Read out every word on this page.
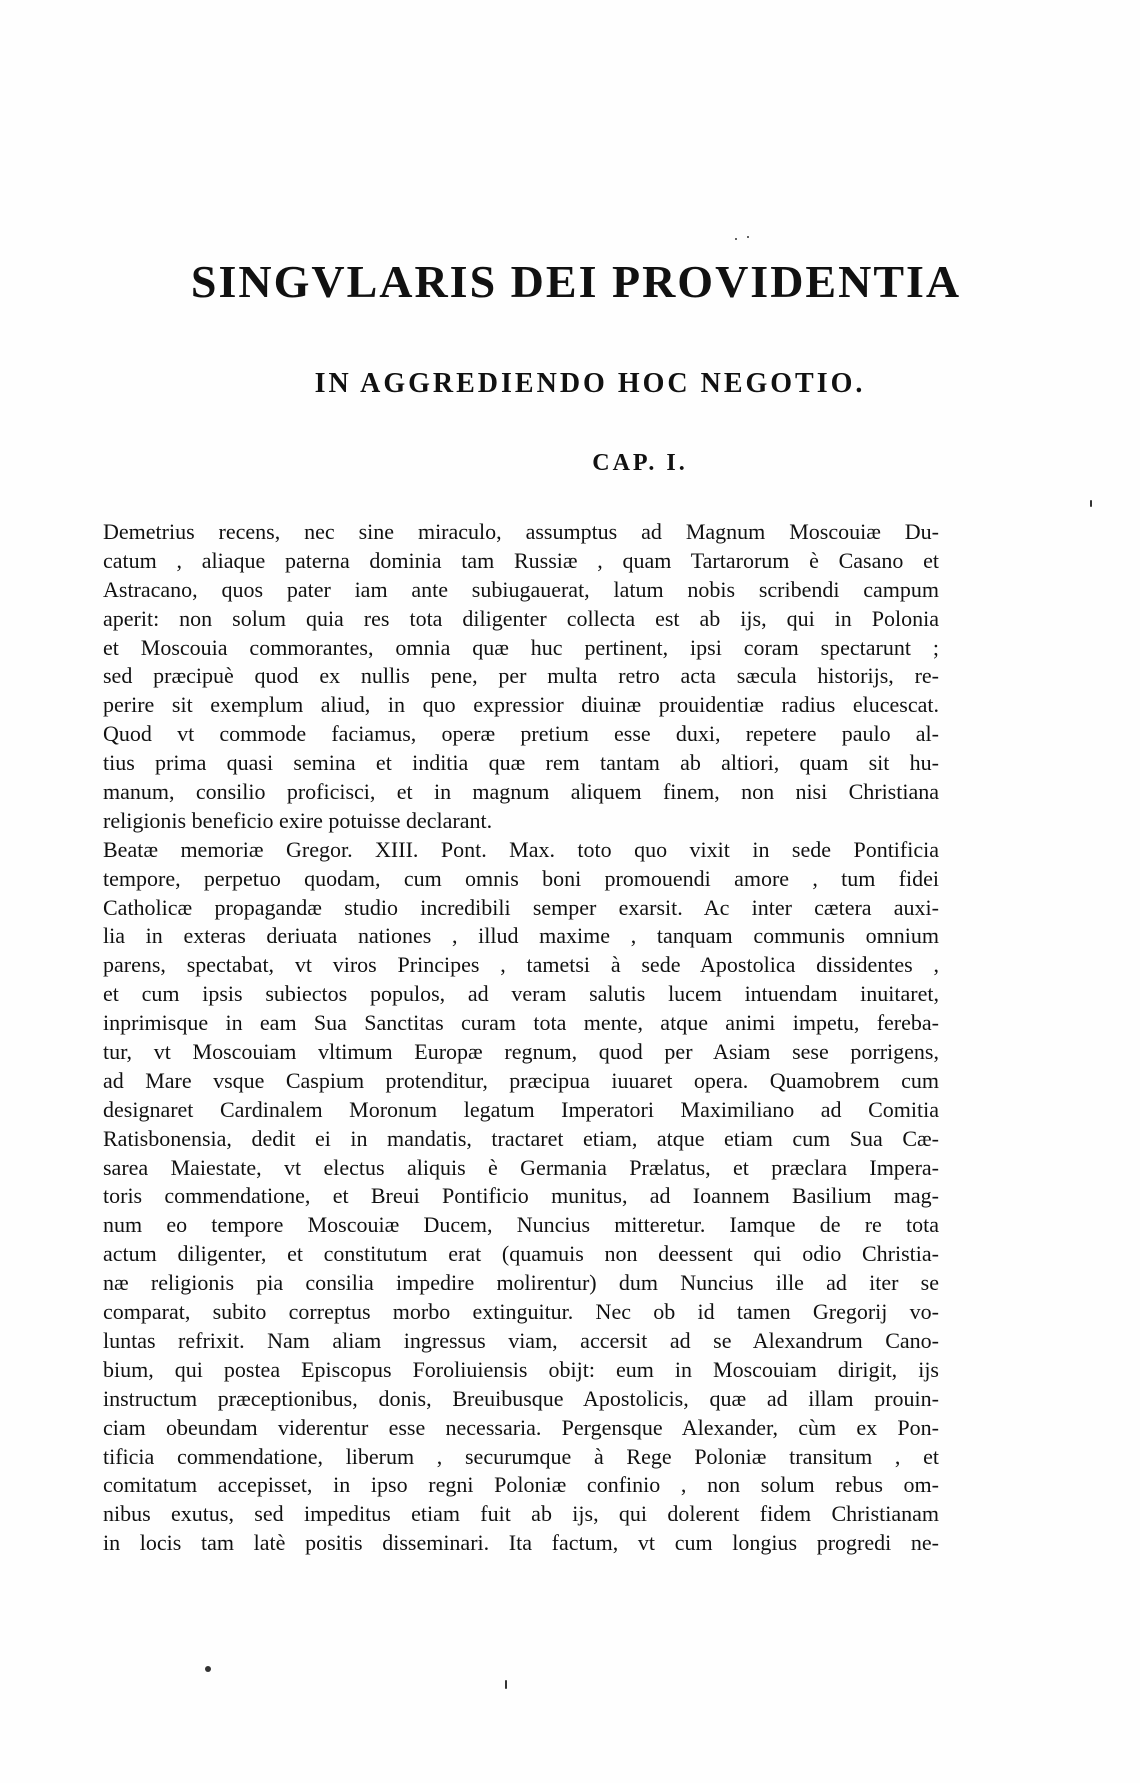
SINGVLARIS DEI PROVIDENTIA
IN AGGREDIENDO HOC NEGOTIO.
CAP. I.
Demetrius recens, nec sine miraculo, assumptus ad Magnum Moscouiæ Du-
catum , aliaque paterna dominia tam Russiæ , quam Tartarorum è Casano et
Astracano, quos pater iam ante subiugauerat, latum nobis scribendi campum
aperit: non solum quia res tota diligenter collecta est ab ijs, qui in Polonia
et Moscouia commorantes, omnia quæ huc pertinent, ipsi coram spectarunt ;
sed præcipuè quod ex nullis pene, per multa retro acta sæcula historijs, re-
perire sit exemplum aliud, in quo expressior diuinæ prouidentiæ radius elucescat.
Quod vt commode faciamus, operæ pretium esse duxi, repetere paulo al-
tius prima quasi semina et inditia quæ rem tantam ab altiori, quam sit hu-
manum, consilio proficisci, et in magnum aliquem finem, non nisi Christiana
religionis beneficio exire potuisse declarant.
Beatæ memoriæ Gregor. XIII. Pont. Max. toto quo vixit in sede Pontificia
tempore, perpetuo quodam, cum omnis boni promouendi amore , tum fidei
Catholicæ propagandæ studio incredibili semper exarsit. Ac inter cætera auxi-
lia in exteras deriuata nationes , illud maxime , tanquam communis omnium
parens, spectabat, vt viros Principes , tametsi à sede Apostolica dissidentes ,
et cum ipsis subiectos populos, ad veram salutis lucem intuendam inuitaret,
inprimisque in eam Sua Sanctitas curam tota mente, atque animi impetu, fereba-
tur, vt Moscouiam vltimum Europæ regnum, quod per Asiam sese porrigens,
ad Mare vsque Caspium protenditur, præcipua iuuaret opera. Quamobrem cum
designaret Cardinalem Moronum legatum Imperatori Maximiliano ad Comitia
Ratisbonensia, dedit ei in mandatis, tractaret etiam, atque etiam cum Sua Cæ-
sarea Maiestate, vt electus aliquis è Germania Prælatus, et præclara Impera-
toris commendatione, et Breui Pontificio munitus, ad Ioannem Basilium mag-
num eo tempore Moscouiæ Ducem, Nuncius mitteretur. Iamque de re tota
actum diligenter, et constitutum erat (quamuis non deessent qui odio Christia-
næ religionis pia consilia impedire molirentur) dum Nuncius ille ad iter se
comparat, subito correptus morbo extinguitur. Nec ob id tamen Gregorij vo-
luntas refrixit. Nam aliam ingressus viam, accersit ad se Alexandrum Cano-
bium, qui postea Episcopus Foroliuiensis obijt: eum in Moscouiam dirigit, ijs
instructum præceptionibus, donis, Breuibusque Apostolicis, quæ ad illam prouin-
ciam obeundam viderentur esse necessaria. Pergensque Alexander, cùm ex Pon-
tificia commendatione, liberum , securumque à Rege Poloniæ transitum , et
comitatum accepisset, in ipso regni Poloniæ confinio , non solum rebus om-
nibus exutus, sed impeditus etiam fuit ab ijs, qui dolerent fidem Christianam
in locis tam latè positis disseminari. Ita factum, vt cum longius progredi ne-
